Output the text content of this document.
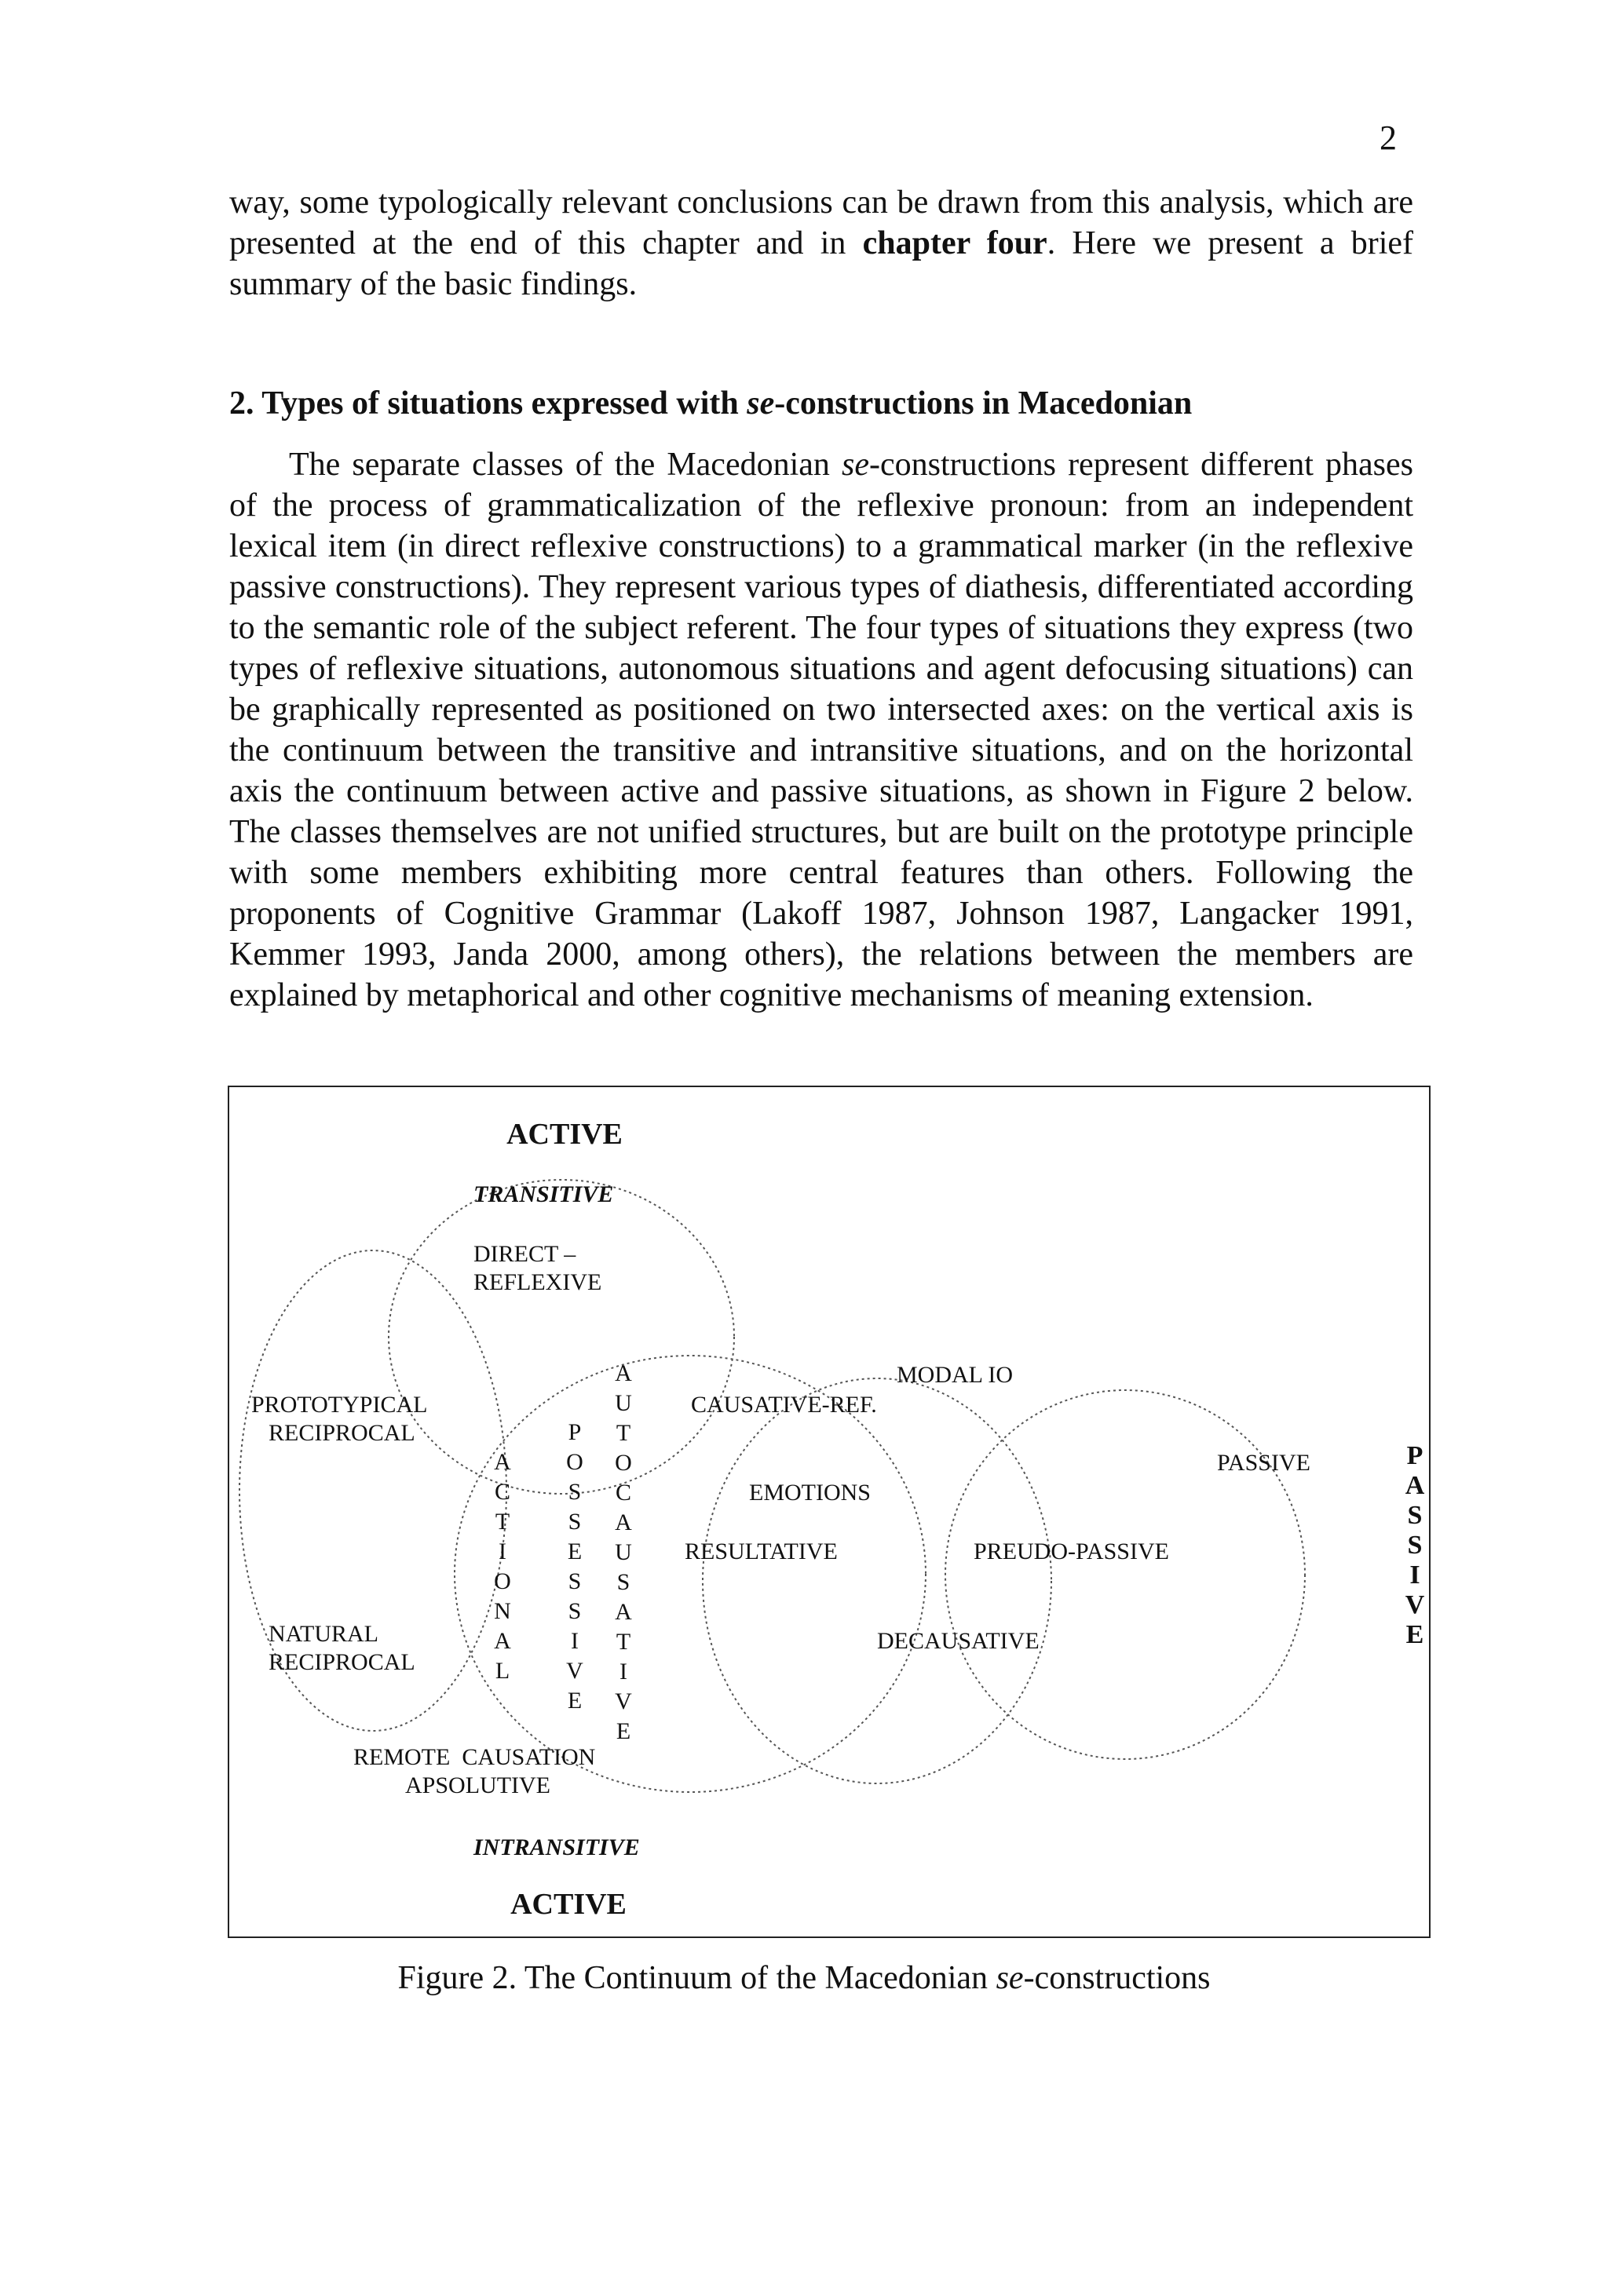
2

way, some typologically relevant conclusions can be drawn from this analysis, which are presented at the end of this chapter and in chapter four. Here we present a brief summary of the basic findings.

2. Types of situations expressed with se-constructions in Macedonian

The separate classes of the Macedonian se-constructions represent different phases of the process of grammaticalization of the reflexive pronoun: from an independent lexical item (in direct reflexive constructions) to a grammatical marker (in the reflexive passive constructions). They represent various types of diathesis, differentiated according to the semantic role of the subject referent. The four types of situations they express (two types of reflexive situations, autonomous situations and agent defocusing situations) can be graphically represented as positioned on two intersected axes: on the vertical axis is the continuum between the transitive and intransitive situations, and on the horizontal axis the continuum between active and passive situations, as shown in Figure 2 below. The classes themselves are not unified structures, but are built on the prototype principle with some members exhibiting more central features than others. Following the proponents of Cognitive Grammar (Lakoff 1987, Johnson 1987, Langacker 1991, Kemmer 1993, Janda 2000, among others), the relations between the members are explained by metaphorical and other cognitive mechanisms of meaning extension.

ACTIVE
TRANSITIVE
DIRECT –
REFLEXIVE
PROTOTYPICAL
RECIPROCAL
NATURAL
RECIPROCAL
A
C
T
I
O
N
A
L
P
O
S
S
E
S
S
I
V
E
A
U
T
O
C
A
U
S
A
T
I
V
E
P
A
S
S
I
V
E
REMOTE  CAUSATION
APSOLUTIVE
MODAL IO
CAUSATIVE-REF.
EMOTIONS
RESULTATIVE
DECAUSATIVE
PREUDO-PASSIVE
PASSIVE
INTRANSITIVE
ACTIVE
Figure 2. The Continuum of the Macedonian se-constructions
